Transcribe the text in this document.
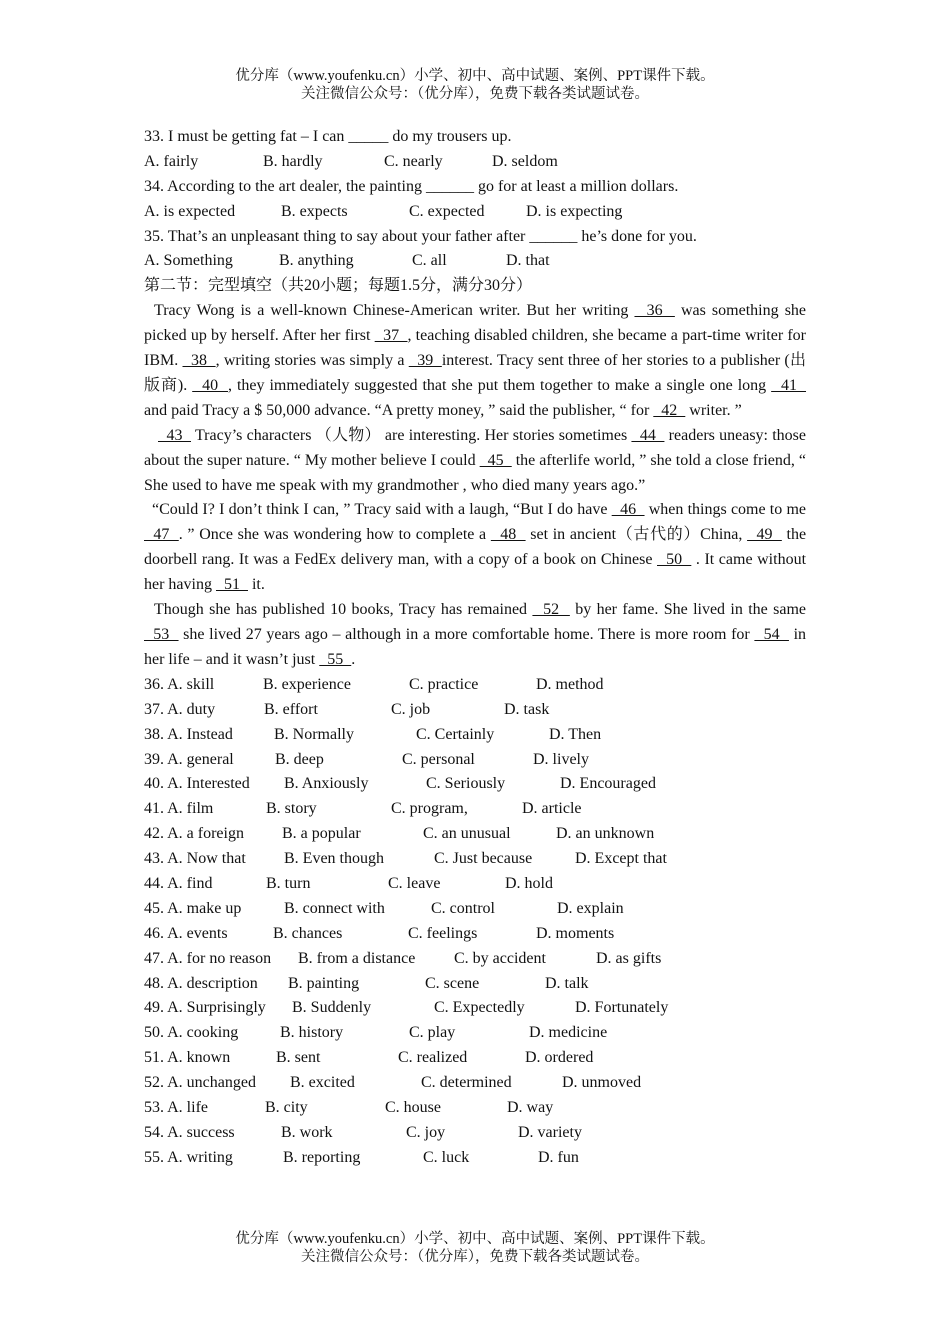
优分库（www.youfenku.cn）小学、初中、高中试题、案例、PPT课件下载。
关注微信公众号：（优分库），免费下载各类试题试卷。
33. I must be getting fat – I can _____ do my trousers up.
A. fairly	B. hardly	C. nearly	D. seldom
34. According to the art dealer, the painting ______ go for at least a million dollars.
A. is expected	B. expects	C. expected	D. is expecting
35. That’s an unpleasant thing to say about your father after ______ he’s done for you.
A. Something	B. anything	C. all	D. that
第二节：完型填空（共20小题；每题1.5分，满分30分）
Tracy Wong is a well-known Chinese-American writer. But her writing   36   was something she picked up by herself. After her first   37  , teaching disabled children, she became a part-time writer for IBM.   38  , writing stories was simply a   39  interest. Tracy sent three of her stories to a publisher (出版商).   40  , they immediately suggested that she put them together to make a single one long   41   and paid Tracy a $ 50,000 advance. “A pretty money, ” said the publisher, “ for   42   writer. ”
43   Tracy’s characters （人物） are interesting. Her stories sometimes   44   readers uneasy: those about the super nature. “ My mother believe I could   45   the afterlife world, ” she told a close friend, “ She used to have me speak with my grandmother , who died many years ago.”
“Could I? I don’t think I can, ” Tracy said with a laugh, “But I do have   46   when things come to me   47  . ” Once she was wondering how to complete a   48   set in ancient（古代的）China,   49   the doorbell rang. It was a FedEx delivery man, with a copy of a book on Chinese   50   . It came without her having   51   it.
Though she has published 10 books, Tracy has remained   52   by her fame. She lived in the same   53   she lived 27 years ago – although in a more comfortable home. There is more room for   54   in her life – and it wasn’t just   55  .
36. A. skill	B. experience	C. practice	D. method
37. A. duty	B. effort	C. job	D. task
38. A. Instead	B. Normally	C. Certainly	D. Then
39. A. general	B. deep	C. personal	D. lively
40. A. Interested B. Anxiously	C. Seriously	D. Encouraged
41. A. film	B. story	C. program,	D. article
42. A. a foreign B. a popular	C. an unusual	D. an unknown
43. A. Now that B. Even though	C. Just because	D. Except that
44. A. find	B. turn	C. leave	D. hold
45. A. make up	B. connect with	C. control	D. explain
46. A. events	B. chances	C. feelings	D. moments
47. A. for no reason B. from a distance C. by accident	D. as gifts
48. A. description B. painting	C. scene	D. talk
49. A. Surprisingly B. Suddenly	C. Expectedly	D. Fortunately
50. A. cooking	B. history	C. play	D. medicine
51. A. known	B. sent	C. realized	D. ordered
52. A. unchanged B. excited	C. determined	D. unmoved
53. A. life	B. city	C. house	D. way
54. A. success	B. work	C. joy	D. variety
55. A. writing	B. reporting	C. luck	D. fun
优分库（www.youfenku.cn）小学、初中、高中试题、案例、PPT课件下载。
关注微信公众号：（优分库），免费下载各类试题试卷。
